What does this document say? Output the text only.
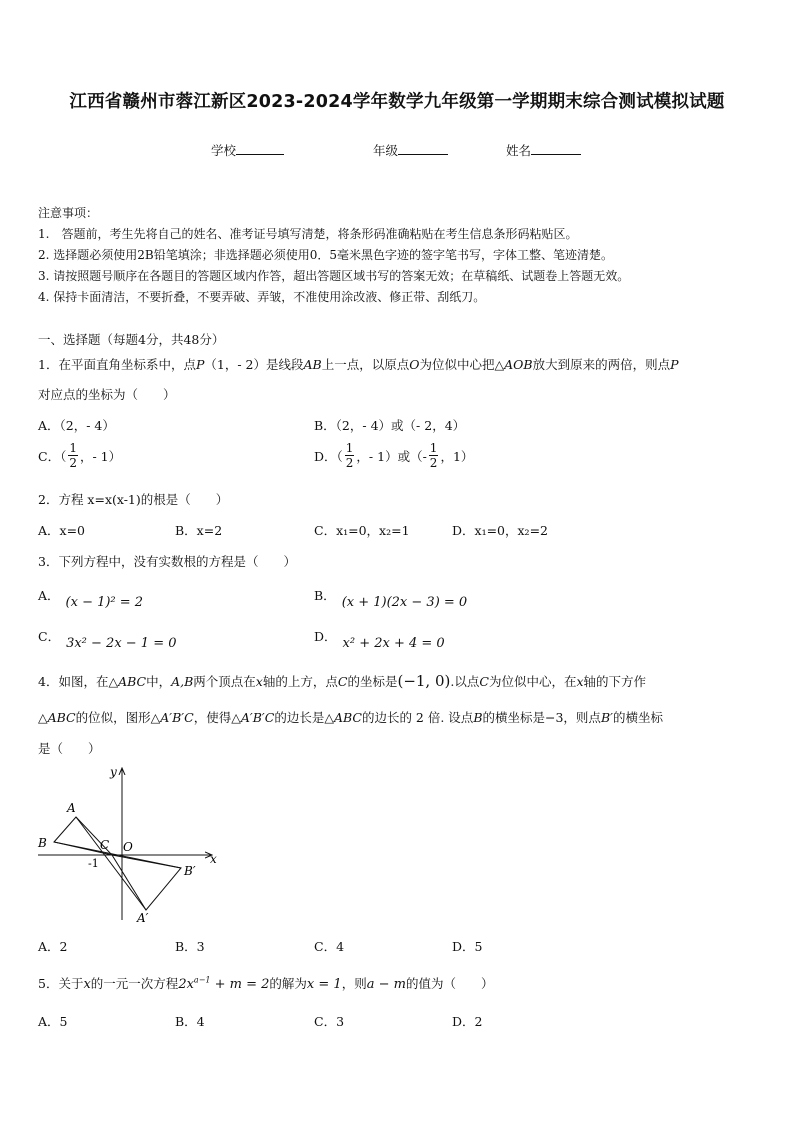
江西省赣州市蓉江新区2023-2024学年数学九年级第一学期期末综合测试模拟试题
学校	年级	姓名
注意事项：
1.　答题前，考生先将自己的姓名、准考证号填写清楚，将条形码准确粘贴在考生信息条形码粘贴区。
2. 选择题必须使用2B铅笔填涂；非选择题必须使用0．5毫米黑色字迹的签字笔书写，字体工整、笔迹清楚。
3. 请按照题号顺序在各题目的答题区域内作答，超出答题区域书写的答案无效；在草稿纸、试题卷上答题无效。
4. 保持卡面清洁，不要折叠，不要弄破、弄皱，不准使用涂改液、修正带、刮纸刀。
一、选择题（每题4分，共48分）
1．在平面直角坐标系中，点P（1，- 2）是线段AB上一点，以原点O为位似中心把△AOB放大到原来的两倍，则点P
对应点的坐标为（　　）
A．（2，- 4）	B．（2，- 4）或（- 2，4）
C．（ $\frac{1}{2}$ ，- 1）	D．（ $\frac{1}{2}$ ，- 1）或（- $\frac{1}{2}$ ，1）
2．方程 x=x(x-1)的根是（　　）
A．x=0	B．x=2	C．x₁=0，x₂=1	D．x₁=0，x₂=2
3．下列方程中，没有实数根的方程是（　　）
A． (x − 1)² = 2	B． (x + 1)(2x − 3) = 0
C． 3x² − 2x − 1 = 0	D． x² + 2x + 4 = 0
4．如图，在△ABC中，A,B两个顶点在x轴的上方，点C的坐标是(−1, 0).以点C为位似中心，在x轴的下方作
△ABC的位似，图形△A′B′C，使得△A′B′C的边长是△ABC的边长的 2 倍. 设点B的横坐标是−3，则点B′的横坐标
是（　　）
y
x
A
B	C O
-1
B′
A′
A．2	B．3	C．4	D．5
5．关于x的一元一次方程$2x^{a-1} + m = 2$的解为x = 1，则a − m的值为（　　）
A．5	B．4	C．3	D．2
